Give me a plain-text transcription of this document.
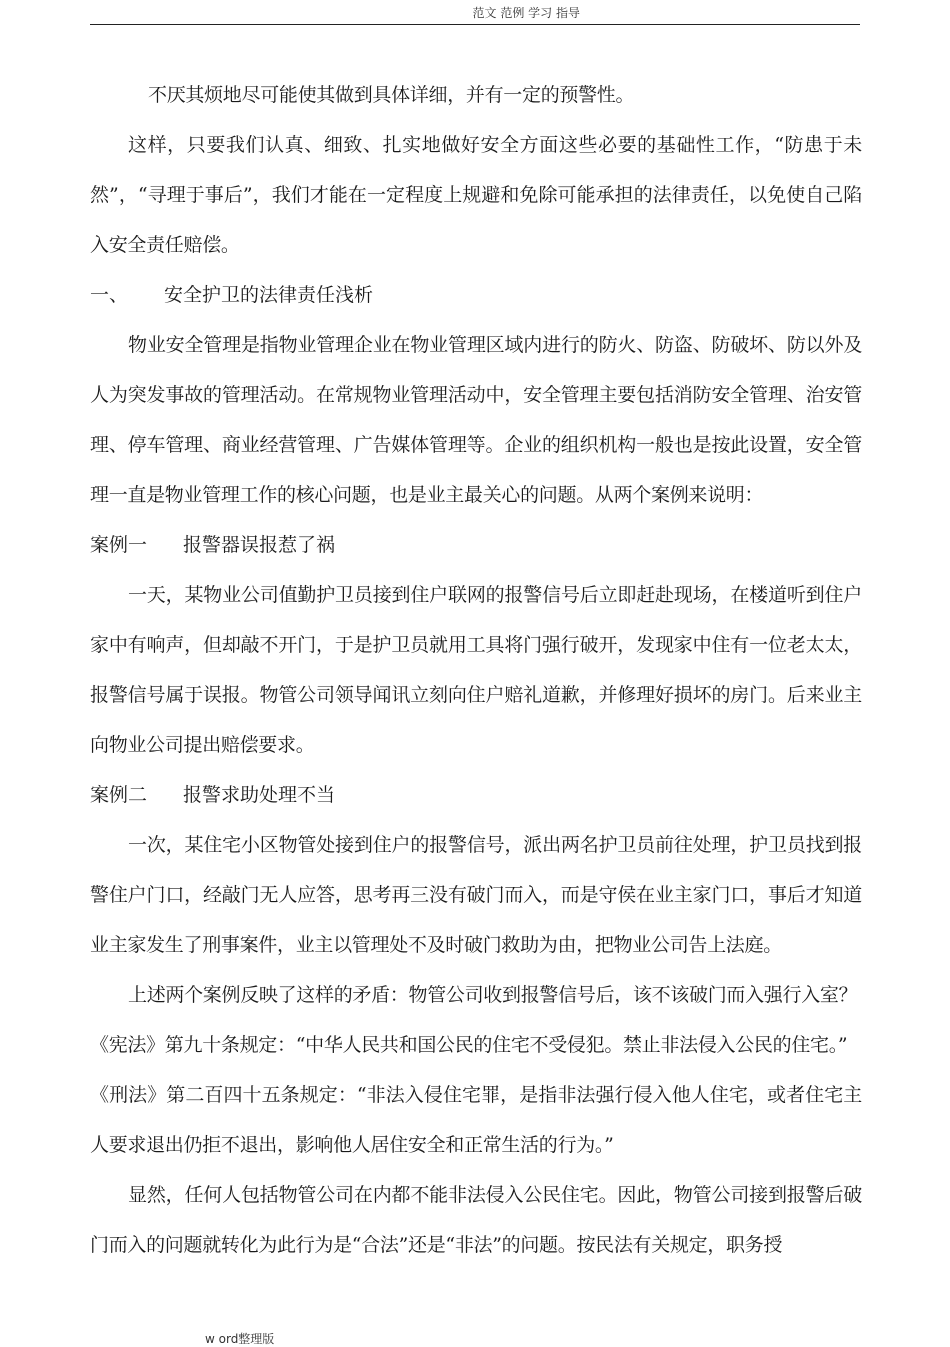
范文 范例 学习 指导

不厌其烦地尽可能使其做到具体详细，并有一定的预警性。

这样，只要我们认真、细致、扎实地做好安全方面这些必要的基础性工作，“防患于未然”，“寻理于事后”，我们才能在一定程度上规避和免除可能承担的法律责任，以免使自己陷入安全责任赔偿。

一、 安全护卫的法律责任浅析

物业安全管理是指物业管理企业在物业管理区域内进行的防火、防盗、防破坏、防以外及人为突发事故的管理活动。在常规物业管理活动中，安全管理主要包括消防安全管理、治安管理、停车管理、商业经营管理、广告媒体管理等。企业的组织机构一般也是按此设置，安全管理一直是物业管理工作的核心问题，也是业主最关心的问题。从两个案例来说明：

案例一 报警器误报惹了祸

一天，某物业公司值勤护卫员接到住户联网的报警信号后立即赶赴现场，在楼道听到住户家中有响声，但却敲不开门，于是护卫员就用工具将门强行破开，发现家中住有一位老太太，报警信号属于误报。物管公司领导闻讯立刻向住户赔礼道歉，并修理好损坏的房门。后来业主向物业公司提出赔偿要求。

案例二 报警求助处理不当

一次，某住宅小区物管处接到住户的报警信号，派出两名护卫员前往处理，护卫员找到报警住户门口，经敲门无人应答，思考再三没有破门而入，而是守侯在业主家门口，事后才知道业主家发生了刑事案件，业主以管理处不及时破门救助为由，把物业公司告上法庭。

上述两个案例反映了这样的矛盾：物管公司收到报警信号后，该不该破门而入强行入室？

《宪法》第九十条规定：“中华人民共和国公民的住宅不受侵犯。禁止非法侵入公民的住宅。”

《刑法》第二百四十五条规定：“非法入侵住宅罪，是指非法强行侵入他人住宅，或者住宅主人要求退出仍拒不退出，影响他人居住安全和正常生活的行为。”

显然，任何人包括物管公司在内都不能非法侵入公民住宅。因此，物管公司接到报警后破门而入的问题就转化为此行为是“合法”还是“非法”的问题。按民法有关规定，职务授

w ord整理版
